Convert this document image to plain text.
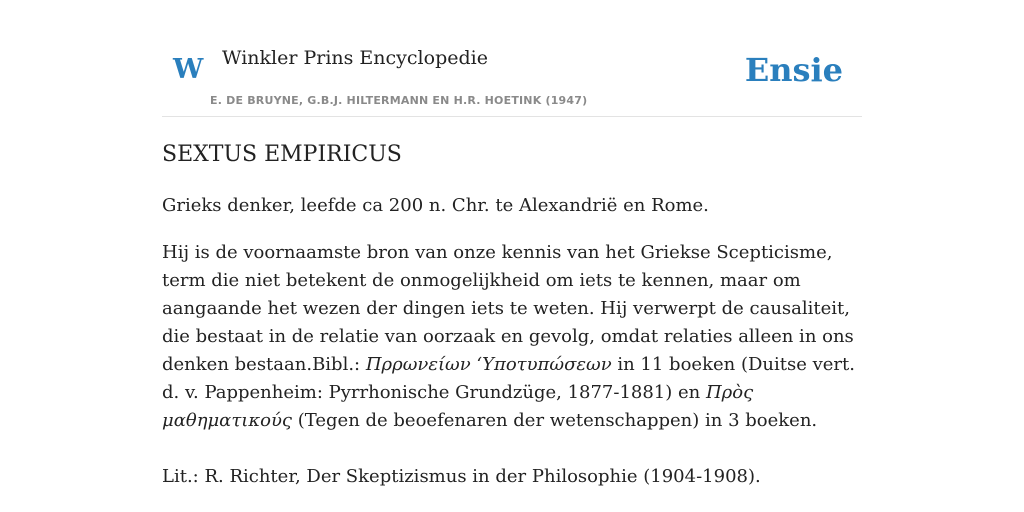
W Winkler Prins Encyclopedie
E. DE BRUYNE, G.B.J. HILTERMANN EN H.R. HOETINK (1947)
Ensie
SEXTUS EMPIRICUS

Grieks denker, leefde ca 200 n. Chr. te Alexandrië en Rome.

Hij is de voornaamste bron van onze kennis van het Griekse Scepticisme, term die niet betekent de onmogelijkheid om iets te kennen, maar om aangaande het wezen der dingen iets te weten. Hij verwerpt de causaliteit, die bestaat in de relatie van oorzaak en gevolg, omdat relaties alleen in ons denken bestaan.Bibl.: Πρρωνείων ‘Υποτυπώσεων in 11 boeken (Duitse vert. d. v. Pappenheim: Pyrrhonische Grundzüge, 1877-1881) en Πρὸς μαθηματικούς (Tegen de beoefenaren der wetenschappen) in 3 boeken.

Lit.: R. Richter, Der Skeptizismus in der Philosophie (1904-1908).
